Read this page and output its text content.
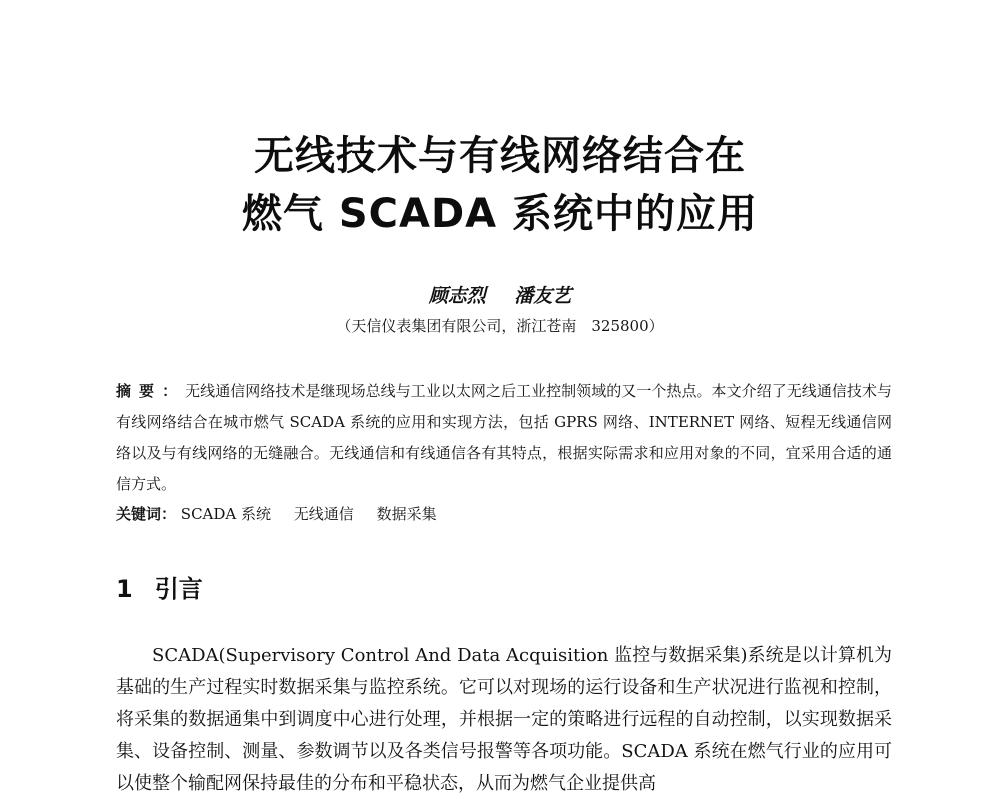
无线技术与有线网络结合在
燃气 SCADA 系统中的应用
顾志烈 潘友艺
（天信仪表集团有限公司，浙江苍南　325800）
摘要：无线通信网络技术是继现场总线与工业以太网之后工业控制领域的又一个热点。本文介绍了无线通信技术与有线网络结合在城市燃气 SCADA 系统的应用和实现方法，包括 GPRS 网络、INTERNET 网络、短程无线通信网络以及与有线网络的无缝融合。无线通信和有线通信各有其特点，根据实际需求和应用对象的不同，宜采用合适的通信方式。
关键词： SCADA 系统 无线通信 数据采集
1 引言

SCADA(Supervisory Control And Data Acquisition 监控与数据采集)系统是以计算机为基础的生产过程实时数据采集与监控系统。它可以对现场的运行设备和生产状况进行监视和控制，将采集的数据通集中到调度中心进行处理，并根据一定的策略进行远程的自动控制，以实现数据采集、设备控制、测量、参数调节以及各类信号报警等各项功能。SCADA 系统在燃气行业的应用可以使整个输配网保持最佳的分布和平稳状态，从而为燃气企业提供高
